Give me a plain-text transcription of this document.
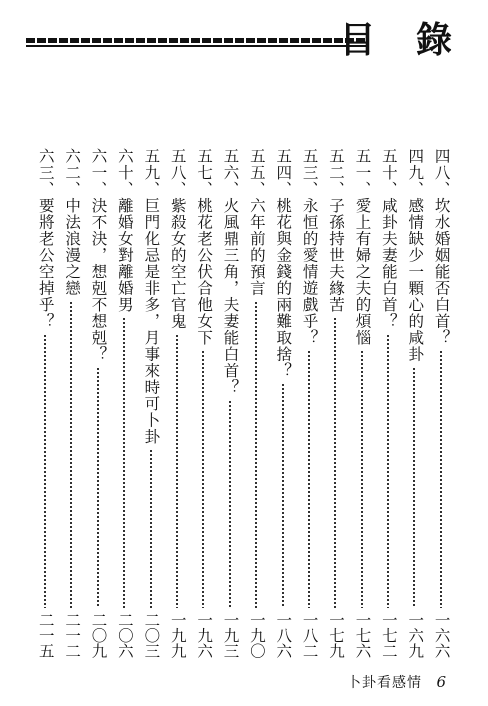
目 錄
四八、坎水婚姻能否白首？
一六六
四九、感情缺少一顆心的咸卦
一六九
五十、咸卦夫妻能白首？
一七二
五一、愛上有婦之夫的煩惱
一七六
五二、子孫持世夫緣苦
一七九
五三、永恒的愛情遊戲乎？
一八二
五四、桃花與金錢的兩難取捨？
一八六
五五、六年前的預言
一九〇
五六、火風鼎三角，夫妻能白首？
一九三
五七、桃花老公伏合他女下
一九六
五八、紫殺女的空亡官鬼
一九九
五九、巨門化忌是非多，月事來時可卜卦
二〇三
六十、離婚女對離婚男
二〇六
六一、決不決，想剋不想剋？
二〇九
六二、中法浪漫之戀
二一二
六三、要將老公空掉乎？
二一五
卜卦看感情 6
